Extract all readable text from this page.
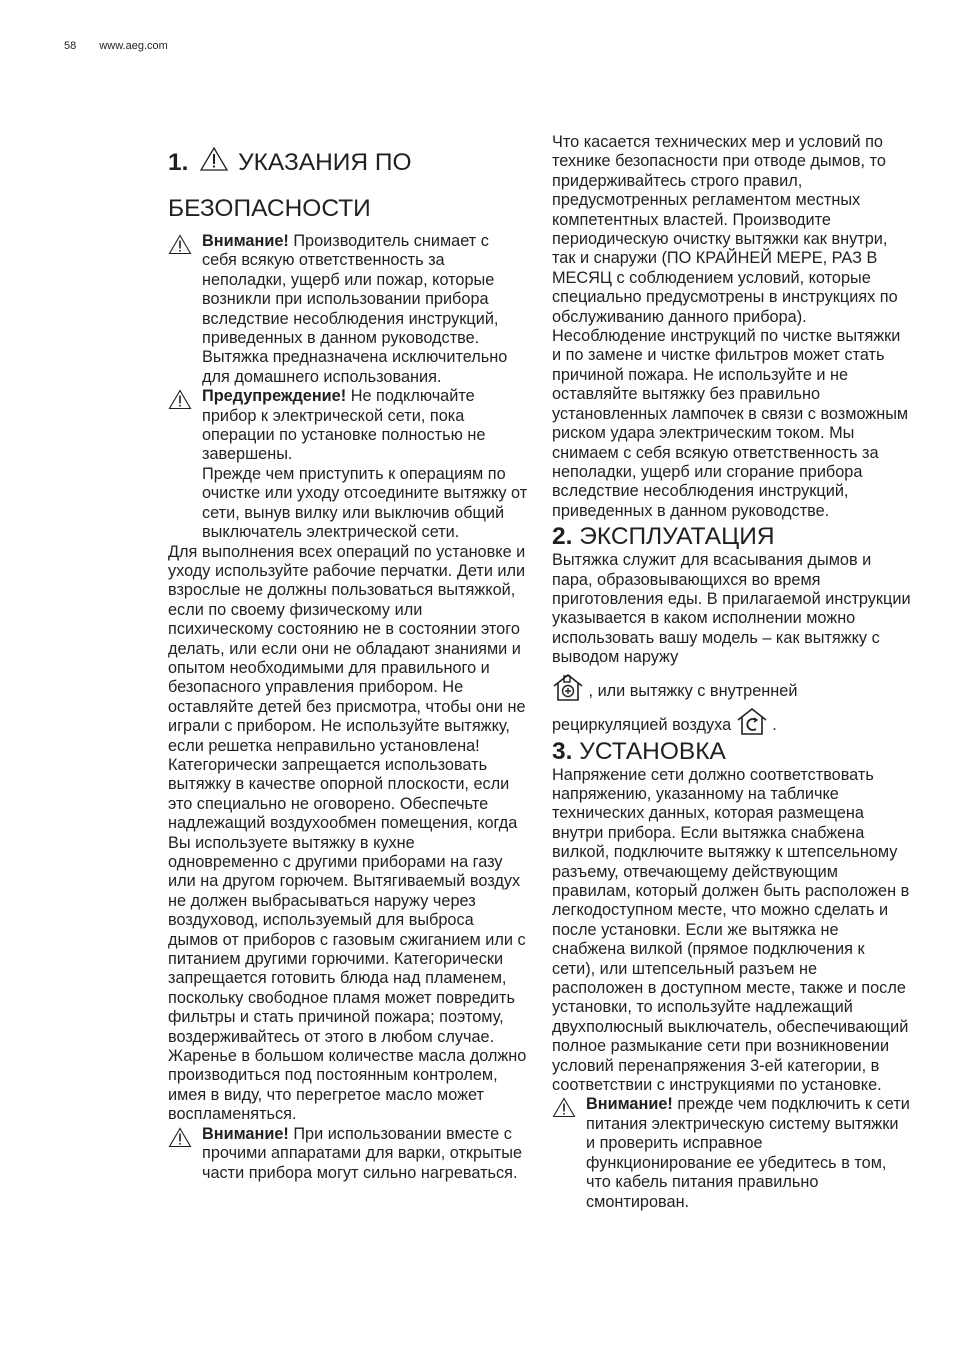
58 www.aeg.com
1. УКАЗАНИЯ ПО
БЕЗОПАСНОСТИ

Внимание! Производитель снимает с себя всякую ответственность за неполадки, ущерб или пожар, которые возникли при использовании прибора вследствие несоблюдения инструкций, приведенных в данном руководстве. Вытяжка предназначена исключительно для домашнего использования.

Предупреждение! Не подключайте прибор к электрической сети, пока операции по установке полностью не завершены.

Прежде чем приступить к операциям по очистке или уходу отсоедините вытяжку от сети, вынув вилку или выключив общий выключатель электрической сети.

Для выполнения всех операций по установке и уходу используйте рабочие перчатки. Дети или взрослые не должны пользоваться вытяжкой, если по своему физическому или психическому состоянию не в состоянии этого делать, или если они не обладают знаниями и опытом необходимыми для правильного и безопасного управления прибором. Не оставляйте детей без присмотра, чтобы они не играли с прибором. Не используйте вытяжку, если решетка неправильно установлена! Категорически запрещается использовать вытяжку в качестве опорной плоскости, если это специально не оговорено. Обеспечьте надлежащий воздухообмен помещения, когда Вы используете вытяжку в кухне одновременно с другими приборами на газу или на другом горючем. Вытягиваемый воздух не должен выбрасываться наружу через воздуховод, используемый для выброса дымов от приборов с газовым сжиганием или с питанием другими горючими. Категорически запрещается готовить блюда над пламенем, поскольку свободное пламя может повредить фильтры и стать причиной пожара; поэтому, воздерживайтесь от этого в любом случае. Жаренье в большом количестве масла должно производиться под постоянным контролем, имея в виду, что перегретое масло может воспламеняться.

Внимание! При использовании вместе с прочими аппаратами для варки, открытые части прибора могут сильно нагреваться.

Что касается технических мер и условий по технике безопасности при отводе дымов, то придерживайтесь строго правил, предусмотренных регламентом местных компетентных властей. Производите периодическую очистку вытяжки как внутри, так и снаружи (ПО КРАЙНЕЙ МЕРЕ, РАЗ В МЕСЯЦ с соблюдением условий, которые специально предусмотрены в инструкциях по обслуживанию данного прибора). Несоблюдение инструкций по чистке вытяжки и по замене и чистке фильтров может стать причиной пожара. Не используйте и не оставляйте вытяжку без правильно установленных лампочек в связи с возможным риском удара электрическим током. Мы снимаем с себя всякую ответственность за неполадки, ущерб или сгорание прибора вследствие несоблюдения инструкций, приведенных в данном руководстве.

2. ЭКСПЛУАТАЦИЯ

Вытяжка служит для всасывания дымов и пара, образовывающихся во время приготовления еды. В прилагаемой инструкции указывается в каком исполнении можно использовать вашу модель – как вытяжку с выводом наружу

, или вытяжку с внутренней

рециркуляцией воздуха  .

3. УСТАНОВКА

Напряжение сети должно соответствовать напряжению, указанному на табличке технических данных, которая размещена внутри прибора. Если вытяжка снабжена вилкой, подключите вытяжку к штепсельному разъему, отвечающему действующим правилам, который должен быть расположен в легкодоступном месте, что можно сделать и после установки. Если же вытяжка не снабжена вилкой (прямое подключения к сети), или штепсельный разъем не расположен в доступном месте, также и после установки, то используйте надлежащий двухполюсный выключатель, обеспечивающий полное размыкание сети при возникновении условий перенапряжения 3-ей категории, в соответствии с инструкциями по установке.

Внимание! прежде чем подключить к сети питания электрическую систему вытяжки и проверить исправное функционирование ее убедитесь в том, что кабель питания правильно смонтирован.
